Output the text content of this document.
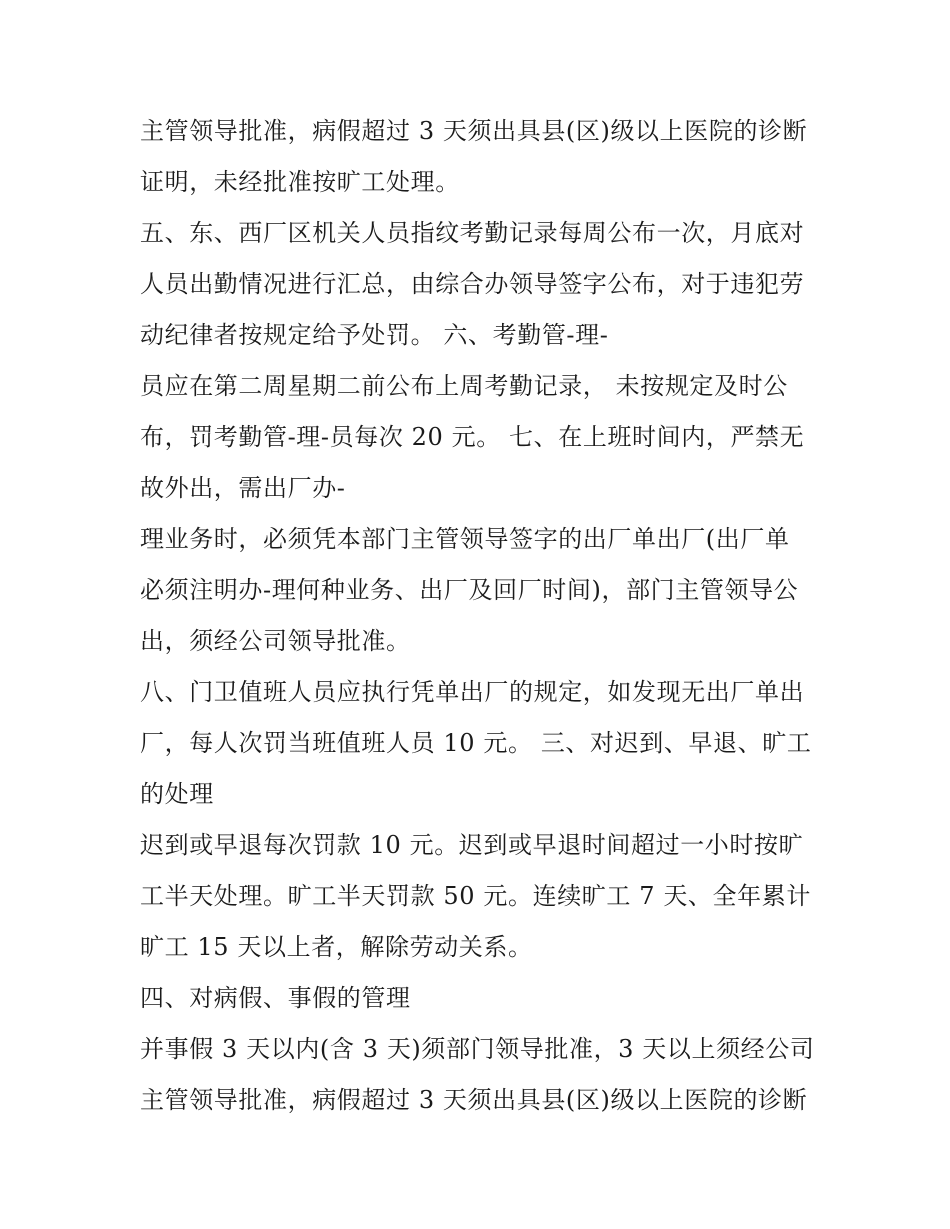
主管领导批准，病假超过 3 天须出具县(区)级以上医院的诊断
证明，未经批准按旷工处理。
五、东、西厂区机关人员指纹考勤记录每周公布一次，月底对
人员出勤情况进行汇总，由综合办领导签字公布，对于违犯劳
动纪律者按规定给予处罚。 六、考勤管-理-
员应在第二周星期二前公布上周考勤记录， 未按规定及时公
布，罚考勤管-理-员每次 20 元。 七、在上班时间内，严禁无
故外出，需出厂办-
理业务时，必须凭本部门主管领导签字的出厂单出厂(出厂单
必须注明办-理何种业务、出厂及回厂时间)，部门主管领导公
出，须经公司领导批准。
八、门卫值班人员应执行凭单出厂的规定，如发现无出厂单出
厂，每人次罚当班值班人员 10 元。 三、对迟到、早退、旷工
的处理
迟到或早退每次罚款 10 元。迟到或早退时间超过一小时按旷
工半天处理。旷工半天罚款 50 元。连续旷工 7 天、全年累计
旷工 15 天以上者，解除劳动关系。
四、对病假、事假的管理
并事假 3 天以内(含 3 天)须部门领导批准，3 天以上须经公司
主管领导批准，病假超过 3 天须出具县(区)级以上医院的诊断
